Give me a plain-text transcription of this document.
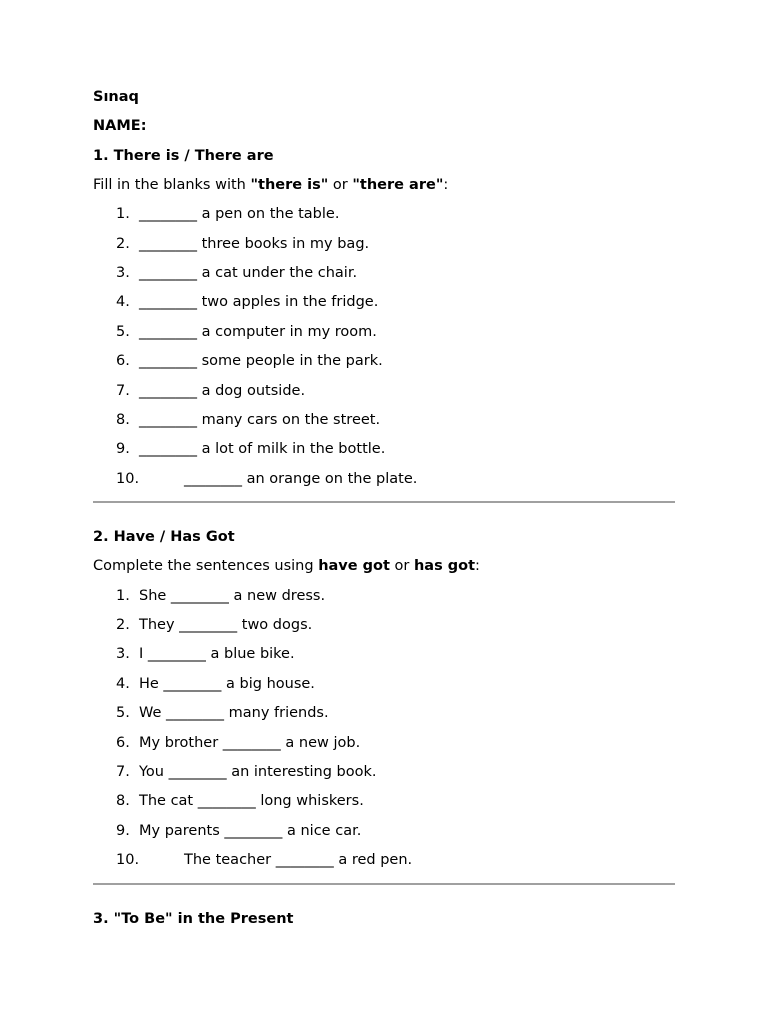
Sınaq
NAME:
1. There is / There are
Fill in the blanks with "there is" or "there are":
1. ________ a pen on the table.
2. ________ three books in my bag.
3. ________ a cat under the chair.
4. ________ two apples in the fridge.
5. ________ a computer in my room.
6. ________ some people in the park.
7. ________ a dog outside.
8. ________ many cars on the street.
9. ________ a lot of milk in the bottle.
10.	________ an orange on the plate.
2. Have / Has Got
Complete the sentences using have got or has got:
1. She ________ a new dress.
2. They ________ two dogs.
3. I ________ a blue bike.
4. He ________ a big house.
5. We ________ many friends.
6. My brother ________ a new job.
7. You ________ an interesting book.
8. The cat ________ long whiskers.
9. My parents ________ a nice car.
10.	The teacher ________ a red pen.
3. "To Be" in the Present
